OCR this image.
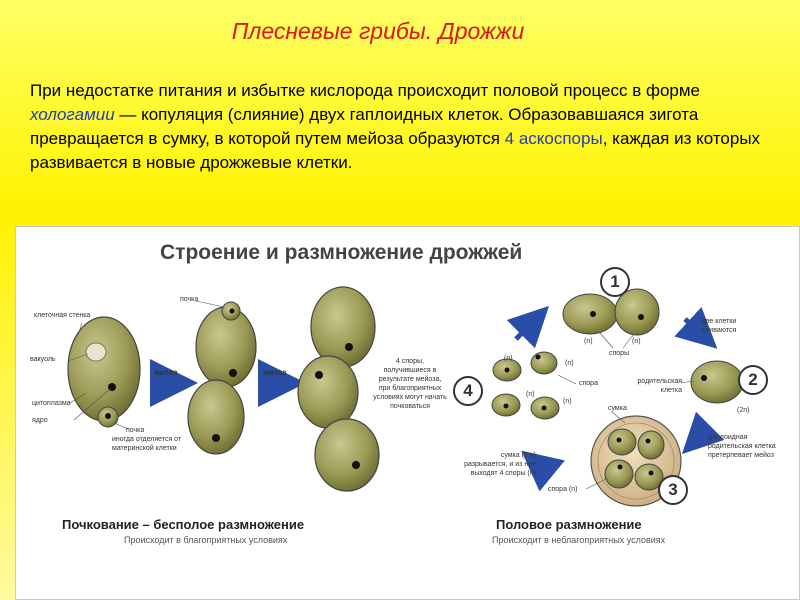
Плесневые грибы. Дрожжи
При недостатке питания и избытке кислорода происходит половой процесс в форме хологамии — копуляция (слияние) двух гаплоидных клеток. Образовавшаяся зигота превращается в сумку, в которой путем мейоза образуются 4 аскоспоры, каждая из которых развивается в новые дрожжевые клетки.
Строение и размножение дрожжей
клеточная стенка
вакуоль
цитоплазма
ядро
почка
иногда отделяется от материнской клетки
почка
митоз	митоз
4 споры, получившиеся в результате мейоза, при благоприятных условиях могут начать почковаться
Почкование – бесполое размножение
Происходит в благоприятных условиях
1
2
3
4
(n)	(n)
споры
две клетки сливаются
родительская клетка
(2n)
диплоидная родительская клетка претерпевает мейоз
сумка
спора (n)
сумка (2 n) разрывается, и из нее выходят 4 споры (n)
спора
(n)
(n)
(n)
(n)
Половое размножение
Происходит в неблагоприятных условиях
